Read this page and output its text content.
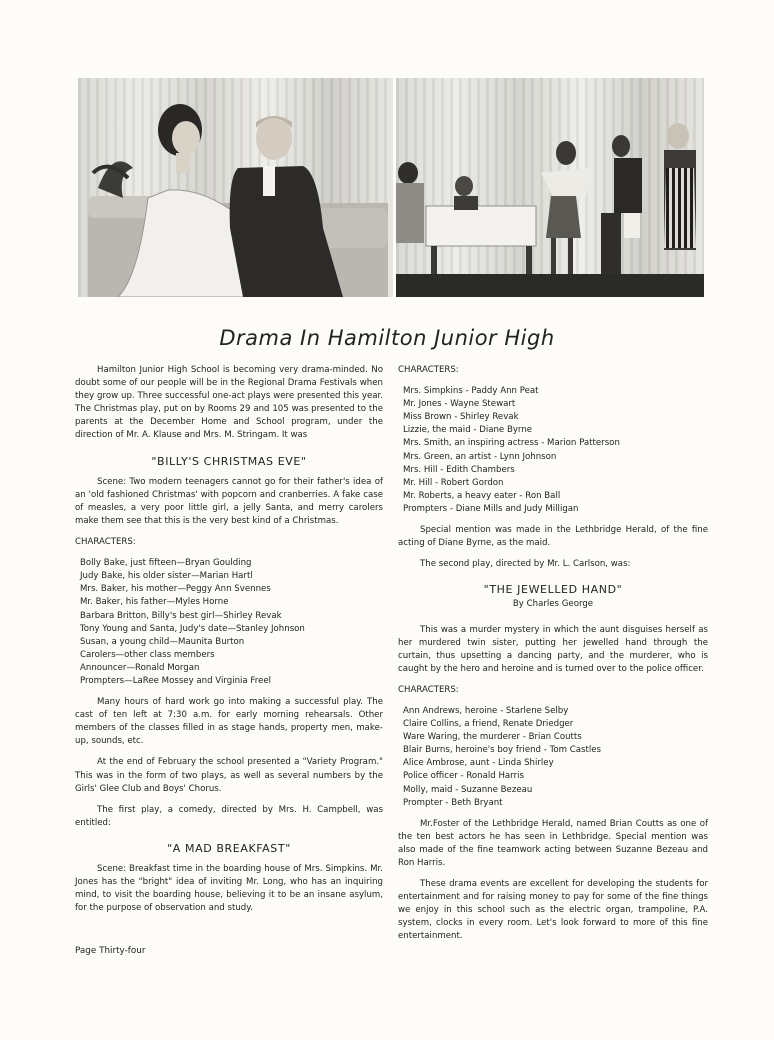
Drama In Hamilton Junior High

Hamilton Junior High School is becoming very drama-minded. No doubt some of our people will be in the Regional Drama Festivals when they grow up. Three successful one-act plays were presented this year. The Christmas play, put on by Rooms 29 and 105 was presented to the parents at the December Home and School program, under the direction of Mr. A. Klause and Mrs. M. Stringam. It was

"BILLY'S CHRISTMAS EVE"

Scene: Two modern teenagers cannot go for their father's idea of an 'old fashioned Christmas' with popcorn and cranberries. A fake case of measles, a very poor little girl, a jelly Santa, and merry carolers make them see that this is the very best kind of a Christmas.

CHARACTERS:

Bolly Bake, just fifteen—Bryan Goulding
Judy Bake, his older sister—Marian Hartl
Mrs. Baker, his mother—Peggy Ann Svennes
Mr. Baker, his father—Myles Horne
Barbara Britton, Billy's best girl—Shirley Revak
Tony Young and Santa, Judy's date—Stanley Johnson
Susan, a young child—Maunita Burton
Carolers—other class members
Announcer—Ronald Morgan
Prompters—LaRee Mossey and Virginia Freel

Many hours of hard work go into making a successful play. The cast of ten left at 7:30 a.m. for early morning rehearsals. Other members of the classes filled in as stage hands, property men, make-up, sounds, etc.

At the end of February the school presented a "Variety Program." This was in the form of two plays, as well as several numbers by the Girls' Glee Club and Boys' Chorus.

The first play, a comedy, directed by Mrs. H. Campbell, was entitled:

"A MAD BREAKFAST"

Scene: Breakfast time in the boarding house of Mrs. Simpkins. Mr. Jones has the "bright" idea of inviting Mr. Long, who has an inquiring mind, to visit the boarding house, believing it to be an insane asylum, for the purpose of observation and study.

CHARACTERS:

Mrs. Simpkins - Paddy Ann Peat
Mr. Jones - Wayne Stewart
Miss Brown - Shirley Revak
Lizzie, the maid - Diane Byrne
Mrs. Smith, an inspiring actress - Marion Patterson
Mrs. Green, an artist - Lynn Johnson
Mrs. Hill - Edith Chambers
Mr. Hill - Robert Gordon
Mr. Roberts, a heavy eater - Ron Ball
Prompters - Diane Mills and Judy Milligan

Special mention was made in the Lethbridge Herald, of the fine acting of Diane Byrne, as the maid.

The second play, directed by Mr. L. Carlson, was:

"THE JEWELLED HAND"
By Charles George

This was a murder mystery in which the aunt disguises herself as her murdered twin sister, putting her jewelled hand through the curtain, thus upsetting a dancing party, and the murderer, who is caught by the hero and heroine and is turned over to the police officer.

CHARACTERS:

Ann Andrews, heroine - Starlene Selby
Claire Collins, a friend, Renate Driedger
Ware Waring, the murderer - Brian Coutts
Blair Burns, heroine's boy friend - Tom Castles
Alice Ambrose, aunt - Linda Shirley
Police officer - Ronald Harris
Molly, maid - Suzanne Bezeau
Prompter - Beth Bryant

Mr.Foster of the Lethbridge Herald, named Brian Coutts as one of the ten best actors he has seen in Lethbridge. Special mention was also made of the fine teamwork acting between Suzanne Bezeau and Ron Harris.

These drama events are excellent for developing the students for entertainment and for raising money to pay for some of the fine things we enjoy in this school such as the electric organ, trampoline, P.A. system, clocks in every room. Let's look forward to more of this fine entertainment.

Page Thirty-four
